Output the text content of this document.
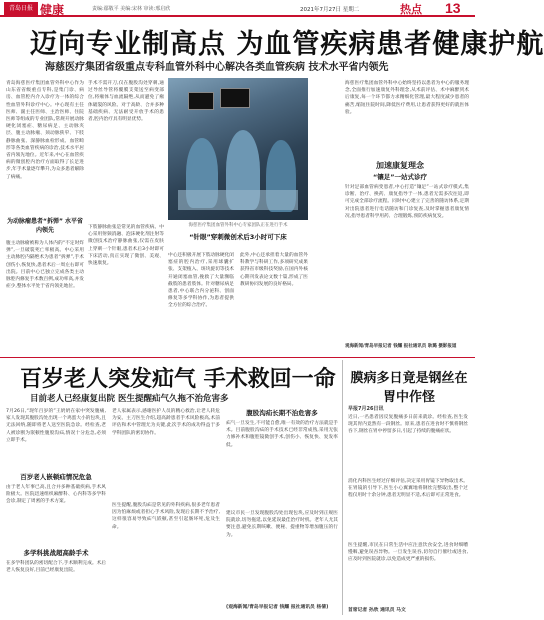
青岛日报 健康	责编:鄢敬平 美编:宋林 审读:邢启欣	2021年7月27日 星期二	热点 13
迈向专业制高点 为血管疾病患者健康护航
海慈医疗集团省级重点专科血管外科中心解决各类血管疾病 技术水平省内领先
青岛海慈医疗集团血管外科中心作为山东省省级重点专科,是集门诊、病房、血管腔内介入诊疗为一体的综合性血管外科诊疗中心。中心现有主任医师、副主任医师、主治医师、住院医师等组成的专业团队,常规开展动脉硬化闭塞症、糖尿病足、主动脉夹层、腹主动脉瘤、颈动脉狭窄、下肢静脉曲张、深静脉血栓形成、血管畸形等各类血管疾病的诊治,技术水平居省内领先地位。近年来,中心在血管疾病的微创腔内治疗方面取得了长足进步,年手术量逐年攀升,为众多患者解除了病痛。
为动脉瘤患者“拆弹” 水平省内领先
腹主动脉瘤被称为人体内的“不定时炸弹”,一旦破裂死亡率极高。中心采用主动脉腔内隔绝术为患者“拆弹”,手术创伤小,恢复快,患者术后一周左右即可出院。目前中心已独立完成各类主动脉腔内修复手术数百例,成功率高,并发症少,整体水平处于省内领先地位。
手术不需开刀,仅在腹股沟处穿刺,通过导丝导管将覆膜支架送至病变部位,将瘤体与血流隔绝,从而避免了瘤体破裂的风险。对于高龄、合并多种基础疾病、无法耐受开放手术的患者,腔内治疗具有明显优势。
下肢静脉曲张是常见的血管疾病。中心采用射频消融、泡沫硬化剂注射等微创技术治疗静脉曲张,仅需在皮肤上穿刺一个针眼,患者术后3小时即可下床活动,真正实现了微创、美观、快速康复。
海慈医疗集团血管外科中心专家团队正在进行手术
“针眼”穿刺微创术后3小时可下床
中心还积极开展下肢动脉硬化闭塞症的腔内治疗,采用球囊扩张、支架植入、斑块旋切等技术开通闭塞血管,挽救了大量濒临截肢的患者肢体。针对糖尿病足患者,中心联合内分泌科、创面修复等多学科协作,为患者提供全方位的综合治疗。
此外,中心还承担着大量的血管外科教学与科研工作,多项研究成果获得省市级科技奖励,在国内外核心期刊发表论文数十篇,形成了医教研协同发展的良好格局。
海慈医疗集团血管外科中心始终坚持以患者为中心的服务理念,全面推行加速康复外科理念,从术前评估、术中麻醉到术后康复,每一个环节都力求精细化管理,最大程度减少患者的痛苦,缩短住院时间,降低医疗费用,让患者获得更好的就医体验。
加速康复理念
“镶足”一站式诊疗
针对足部血管病变患者,中心打造“镶足”一站式诊疗模式,集诊断、治疗、换药、康复指导于一体,患者无需多次往返,即可完成全部诊疗流程。同时中心建立了完善的随访体系,定期对出院患者进行电话随访和门诊复查,及时掌握患者康复情况,指导患者科学用药、合理锻炼,预防疾病复发。
观海新闻/青岛早报记者 钱耀 报社通讯员 耿璐 摄影报道
百岁老人突发疝气 手术救回一命
目前老人已经康复出院 医生提醒疝气久拖不治危害多
7月26日,“现年百岁的”王奶奶在家中突发腹痛,家人发现其腹股沟处出现一个鸡蛋大小的包块,且无法回纳,随即将老人送至医院急诊。经检查,老人被诊断为嵌顿性腹股沟疝,情况十分危急,必须立即手术。
百岁老人嵌顿疝情况危急
由于老人年事已高,且合并多种基础疾病,手术风险极大。医院迅速组织麻醉科、心内科等多学科会诊,制定了周密的手术方案。
多学科挑战超高龄手术
在多学科团队的密切配合下,手术顺利完成。术后老人恢复良好,目前已经康复出院。
老人家属表示,感谢医护人员的精心救治,让老人转危为安。主刀医生介绍,超高龄患者手术风险极高,术前评估和术中管理尤为关键,此次手术的成功得益于多学科团队的密切协作。
医生提醒,腹股沟疝是常见的外科疾病,很多老年患者因为怕麻烦或者担心手术风险,发现后长期不予治疗,这样很容易导致疝气嵌顿,甚至引起肠坏死,危及生命。
腹股沟疝长期不治危害多
疝气一旦发生,不可能自愈,唯一有效的治疗方法就是手术。目前腹股沟疝的手术技术已经非常成熟,采用无张力修补术和腹腔镜微创手术,创伤小、恢复快、复发率低。
建议市民一旦发现腹股沟处出现包块,应及时到正规医院就诊,切勿拖延,以免延误最佳治疗时机。老年人尤其要注意,避免长期咳嗽、便秘、提重物等增加腹压的行为。
(观海新闻/青岛早报记者 钱耀 报社通讯员 杨倩)
膜病多日竟是钢丝在胃中作怪
早报7月26日讯
近日,一名患者因反复腹痛多日前来就诊。经检查,医生发现其胃内竟然有一段钢丝。原来,患者在进食时不慎将钢丝吞下,钢丝在胃中停留多日,引起了持续的腹痛症状。
消化内科医生经过仔细评估,决定采用胃镜下异物取出术。在胃镜的引导下,医生小心翼翼地将钢丝完整取出,整个过程仅用时十余分钟,患者无明显不适,术后即可正常进食。
医生提醒,市民在日常生活中应注意饮食安全,进食时细嚼慢咽,避免误吞异物。一旦发生误吞,切勿自行催吐或进食,应及时到医院就诊,以免造成更严重的损伤。
首席记者 孙欣 通讯员 马文
